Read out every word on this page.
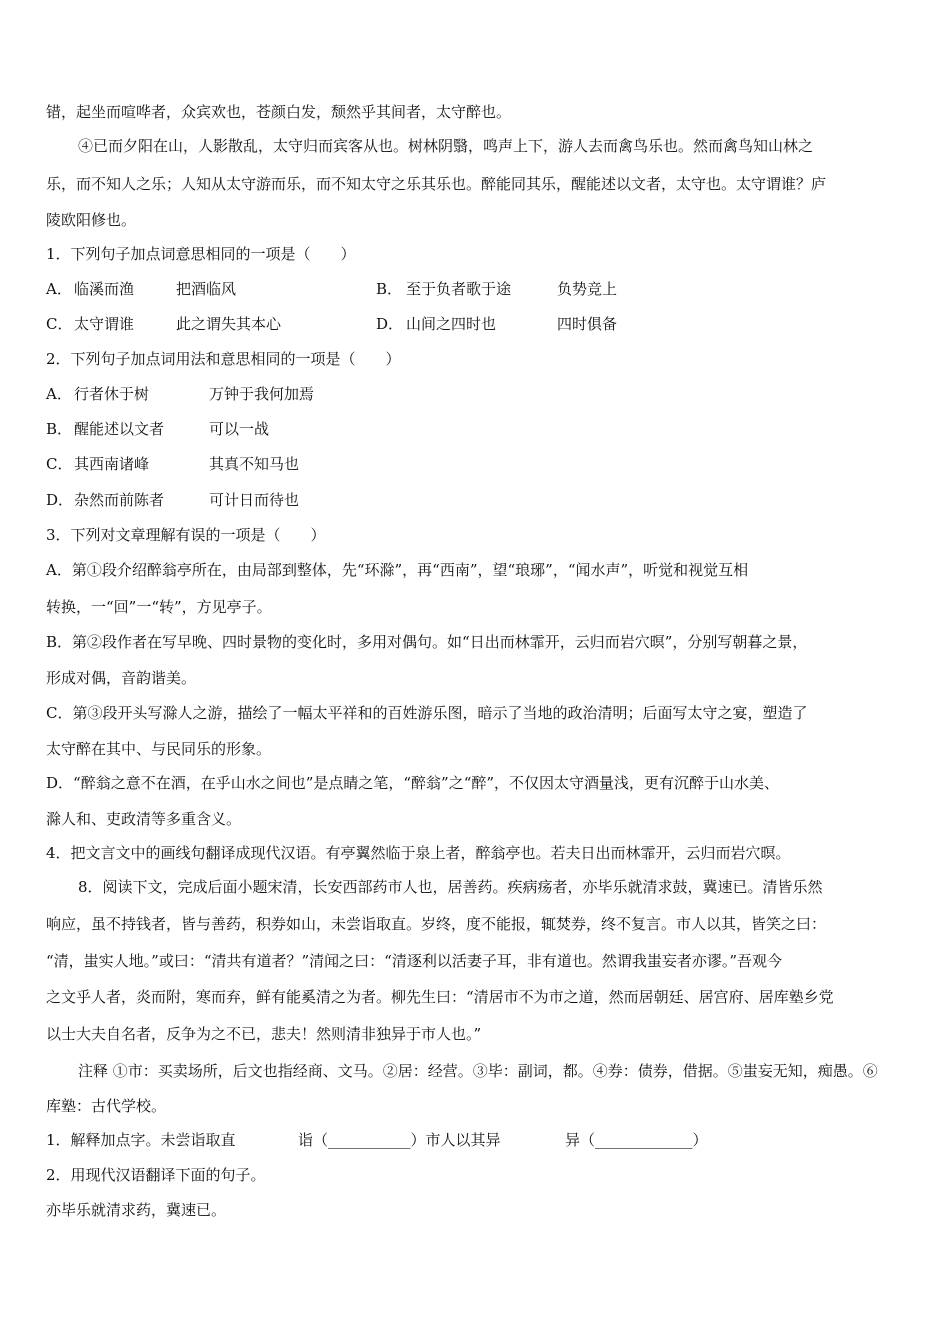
错，起坐而喧哗者，众宾欢也，苍颜白发，颓然乎其间者，太守醉也。
④已而夕阳在山，人影散乱，太守归而宾客从也。树林阴翳，鸣声上下，游人去而禽鸟乐也。然而禽鸟知山林之
乐，而不知人之乐；人知从太守游而乐，而不知太守之乐其乐也。醉能同其乐，醒能述以文者，太守也。太守谓谁？庐
陵欧阳修也。
1．下列句子加点词意思相同的一项是（　　）
A． 临溪而渔	把酒临风	B． 至于负者歌于途	负势竞上
C． 太守谓谁	此之谓失其本心	D． 山间之四时也	四时俱备
2．下列句子加点词用法和意思相同的一项是（　　）
A． 行者休于树	万钟于我何加焉
B． 醒能述以文者	可以一战
C． 其西南诸峰	其真不知马也
D． 杂然而前陈者	可计日而待也
3．下列对文章理解有误的一项是（　　）
A．第①段介绍醉翁亭所在，由局部到整体，先“环滁”，再“西南”，望“琅琊”，“闻水声”，听觉和视觉互相
转换，一“回”一“转”，方见亭子。
B．第②段作者在写早晚、四时景物的变化时，多用对偶句。如“日出而林霏开，云归而岩穴暝”，分别写朝暮之景，
形成对偶，音韵谐美。
C．第③段开头写滁人之游，描绘了一幅太平祥和的百姓游乐图，暗示了当地的政治清明；后面写太守之宴，塑造了
太守醉在其中、与民同乐的形象。
D．“醉翁之意不在酒，在乎山水之间也”是点睛之笔，“醉翁”之“醉”，不仅因太守酒量浅，更有沉醉于山水美、
滁人和、吏政清等多重含义。
4．把文言文中的画线句翻译成现代汉语。有亭翼然临于泉上者，醉翁亭也。若夫日出而林霏开，云归而岩穴暝。
8．阅读下文，完成后面小题宋清，长安西部药市人也，居善药。疾病疡者，亦毕乐就清求鼓，冀速已。清皆乐然
响应，虽不持钱者，皆与善药，积券如山，未尝诣取直。岁终，度不能报，辄焚券，终不复言。市人以其，皆笑之曰：
“清，蚩实人地。”或曰：“清共有道者？”清闻之曰：“清逐利以活妻子耳，非有道也。然谓我蚩妄者亦谬。”吾观今
之文乎人者，炎而附，寒而弃，鲜有能奚清之为者。柳先生曰：“清居市不为市之道，然而居朝廷、居宫府、居库塾乡党
以士大夫自名者，反争为之不已，悲夫！然则清非独异于市人也。”
注释 ①市：买卖场所，后文也指经商、文马。②居：经营。③毕：副词，都。④券：债券，借据。⑤蚩妄无知，痴愚。⑥
库塾：古代学校。
1．解释加点字。未尝诣取直	诣（___________）市人以其异	异（_____________）
2．用现代汉语翻译下面的句子。
亦毕乐就清求药，冀速已。
